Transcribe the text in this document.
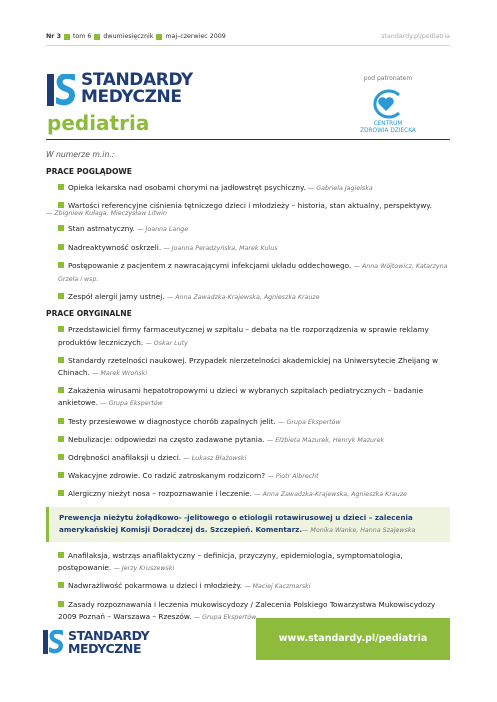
Nr 3 tom 6 dwumiesięcznik maj–czerwiec 2009	standardy.pl/pediatria
STANDARDY
MEDYCZNE
pediatria
pod patronatem
CENTRUM
ZDROWIA DZIECKA
W numerze m.in.:
PRACE POGLĄDOWE
Opieka lekarska nad osobami chorymi na jadłowstręt psychiczny. — Gabriela Jagielska
Wartości referencyjne ciśnienia tętniczego dzieci i młodzieży – historia, stan aktualny, perspektywy.
— Zbigniew Kułaga, Mieczysław Litwin
Stan astmatyczny. — Joanna Lange
Nadreaktywność oskrzeli. — Joanna Peradzyńska, Marek Kulus
Postępowanie z pacjentem z nawracającymi infekcjami układu oddechowego. — Anna Wójtowicz, Katarzyna Grzela i wsp.
Zespół alergii jamy ustnej. — Anna Zawadzka-Krajewska, Agnieszka Krauze
PRACE ORYGINALNE
Przedstawiciel firmy farmaceutycznej w szpitalu – debata na tle rozporządzenia w sprawie reklamy produktów leczniczych. — Oskar Luty
Standardy rzetelności naukowej. Przypadek nierzetelności akademickiej na Uniwersytecie Zheijang w Chinach. — Marek Wroński
Zakażenia wirusami hepatotropowymi u dzieci w wybranych szpitalach pediatrycznych – badanie ankietowe. — Grupa Ekspertów
Testy przesiewowe w diagnostyce chorób zapalnych jelit. — Grupa Ekspertów
Nebulizacje: odpowiedzi na często zadawane pytania. — Elżbieta Mazurek, Henryk Mazurek
Odrębności anafilaksji u dzieci. — Łukasz Błażowski
Wakacyjne zdrowie. Co radzić zatroskanym rodzicom? — Piotr Albrecht
Alergiczny nieżyt nosa – rozpoznawanie i leczenie. — Anna Zawadzka-Krajewska, Agnieszka Krauze
Prewencja nieżytu żołądkowo- -jelitowego o etiologii rotawirusowej u dzieci – zalecenia amerykańskiej Komisji Doradczej ds. Szczepień. Komentarz.— Monika Wanke, Hanna Szajewska
Anafilaksja, wstrząs anafilaktyczny – definicja, przyczyny, epidemiologia, symptomatologia, postępowanie. — Jerzy Kruszewski
Nadwrażliwość pokarmowa u dzieci i młodzieży. — Maciej Kaczmarski
Zasady rozpoznawania i leczenia mukowiscydozy / Zalecenia Polskiego Towarzystwa Mukowiscydozy 2009 Poznań – Warszawa – Rzeszów. — Grupa Ekspertów
STANDARDY
MEDYCZNE
www.standardy.pl/pediatria
